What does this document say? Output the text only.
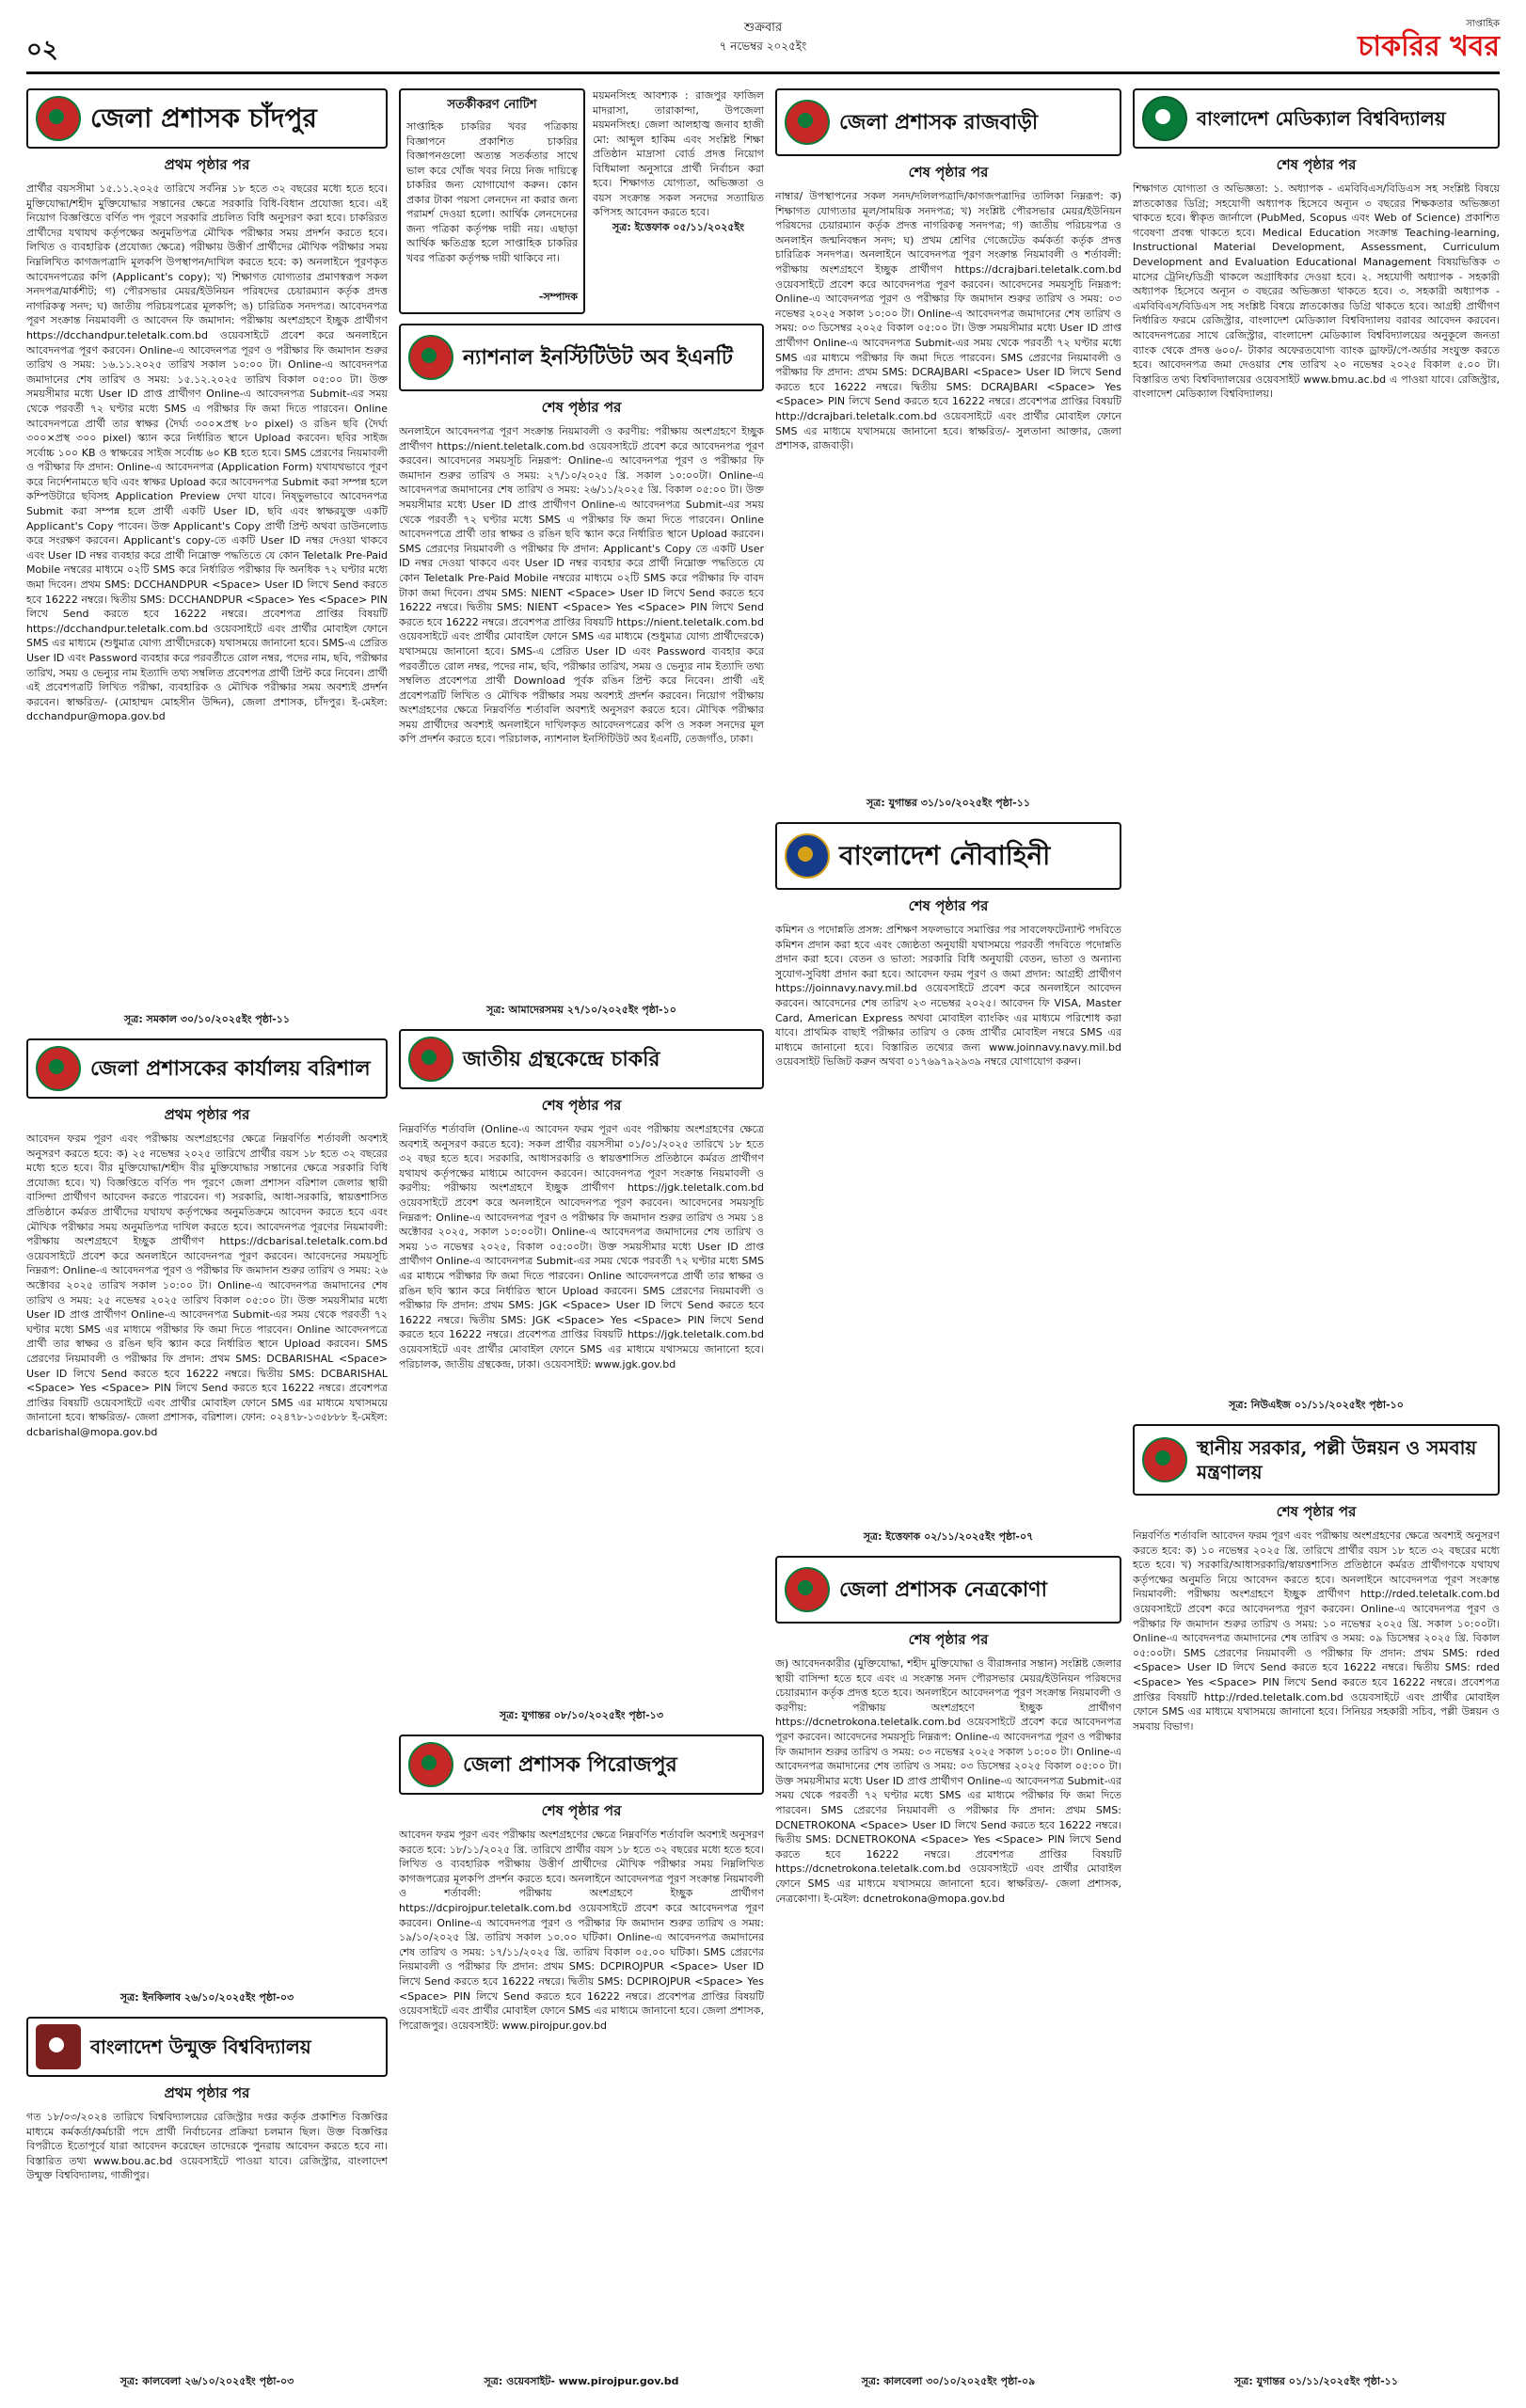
০২
শুক্রবার
৭ নভেম্বর ২০২৫ইং
সাপ্তাহিক
চাকরির খবর
জেলা প্রশাসক চাঁদপুর
প্রথম পৃষ্ঠার পর
প্রার্থীর বয়সসীমা ১৫.১১.২০২৫ তারিখে সর্বনিম্ন ১৮ হতে ৩২ বছরের মধ্যে হতে হবে। মুক্তিযোদ্ধা/শহীদ মুক্তিযোদ্ধার সন্তানের ক্ষেত্রে সরকারি বিধি-বিধান প্রযোজ্য হবে। এই নিয়োগ বিজ্ঞপ্তিতে বর্ণিত পদ পূরণে সরকারি প্রচলিত বিধি অনুসরণ করা হবে। চাকরিরত প্রার্থীদের যথাযথ কর্তৃপক্ষের অনুমতিপত্র মৌখিক পরীক্ষার সময় প্রদর্শন করতে হবে। লিখিত ও ব্যবহারিক (প্রযোজ্য ক্ষেত্রে) পরীক্ষায় উত্তীর্ণ প্রার্থীদের মৌখিক পরীক্ষার সময় নিম্নলিখিত কাগজপত্রাদি মূলকপি উপস্থাপন/দাখিল করতে হবে: ক) অনলাইনে পূরণকৃত আবেদনপত্রের কপি (Applicant's copy); খ) শিক্ষাগত যোগ্যতার প্রমাণস্বরূপ সকল সনদপত্র/মার্কশীট; গ) পৌরসভার মেয়র/ইউনিয়ন পরিষদের চেয়ারম্যান কর্তৃক প্রদত্ত নাগরিকত্ব সনদ; ঘ) জাতীয় পরিচয়পত্রের মূলকপি; ঙ) চারিত্রিক সনদপত্র। আবেদনপত্র পূরণ সংক্রান্ত নিয়মাবলী ও আবেদন ফি জমাদান: পরীক্ষায় অংশগ্রহণে ইচ্ছুক প্রার্থীগণ https://dcchandpur.teletalk.com.bd ওয়েবসাইটে প্রবেশ করে অনলাইনে আবেদনপত্র পূরণ করবেন। Online-এ আবেদনপত্র পূরণ ও পরীক্ষার ফি জমাদান শুরুর তারিখ ও সময়: ১৬.১১.২০২৫ তারিখ সকাল ১০:০০ টা। Online-এ আবেদনপত্র জমাদানের শেষ তারিখ ও সময়: ১৫.১২.২০২৫ তারিখ বিকাল ০৫:০০ টা। উক্ত সময়সীমার মধ্যে User ID প্রাপ্ত প্রার্থীগণ Online-এ আবেদনপত্র Submit-এর সময় থেকে পরবর্তী ৭২ ঘণ্টার মধ্যে SMS এ পরীক্ষার ফি জমা দিতে পারবেন। Online আবেদনপত্রে প্রার্থী তার স্বাক্ষর (দৈর্ঘ্য ৩০০×প্রস্থ ৮০ pixel) ও রঙিন ছবি (দৈর্ঘ্য ৩০০×প্রস্থ ৩০০ pixel) স্ক্যান করে নির্ধারিত স্থানে Upload করবেন। ছবির সাইজ সর্বোচ্চ ১০০ KB ও স্বাক্ষরের সাইজ সর্বোচ্চ ৬০ KB হতে হবে। SMS প্রেরণের নিয়মাবলী ও পরীক্ষার ফি প্রদান: Online-এ আবেদনপত্র (Application Form) যথাযথভাবে পূরণ করে নির্দেশনামতে ছবি এবং স্বাক্ষর Upload করে আবেদনপত্র Submit করা সম্পন্ন হলে কম্পিউটারে ছবিসহ Application Preview দেখা যাবে। নিষ্ভুলভাবে আবেদনপত্র Submit করা সম্পন্ন হলে প্রার্থী একটি User ID, ছবি এবং স্বাক্ষরযুক্ত একটি Applicant's Copy পাবেন। উক্ত Applicant's Copy প্রার্থী প্রিন্ট অথবা ডাউনলোড করে সংরক্ষণ করবেন। Applicant's copy-তে একটি User ID নম্বর দেওয়া থাকবে এবং User ID নম্বর ব্যবহার করে প্রার্থী নিম্নোক্ত পদ্ধতিতে যে কোন Teletalk Pre-Paid Mobile নম্বরের মাধ্যমে ০২টি SMS করে নির্ধারিত পরীক্ষার ফি অনধিক ৭২ ঘণ্টার মধ্যে জমা দিবেন। প্রথম SMS: DCCHANDPUR <Space> User ID লিখে Send করতে হবে 16222 নম্বরে। দ্বিতীয় SMS: DCCHANDPUR <Space> Yes <Space> PIN লিখে Send করতে হবে 16222 নম্বরে। প্রবেশপত্র প্রাপ্তির বিষয়টি https://dcchandpur.teletalk.com.bd ওয়েবসাইটে এবং প্রার্থীর মোবাইল ফোনে SMS এর মাধ্যমে (শুধুমাত্র যোগ্য প্রার্থীদেরকে) যথাসময়ে জানানো হবে। SMS-এ প্রেরিত User ID এবং Password ব্যবহার করে পরবর্তীতে রোল নম্বর, পদের নাম, ছবি, পরীক্ষার তারিখ, সময় ও ভেন্যুর নাম ইত্যাদি তথ্য সম্বলিত প্রবেশপত্র প্রার্থী প্রিন্ট করে নিবেন। প্রার্থী এই প্রবেশপত্রটি লিখিত পরীক্ষা, ব্যবহারিক ও মৌখিক পরীক্ষার সময় অবশ্যই প্রদর্শন করবেন। স্বাক্ষরিত/- (মোহাম্মদ মোহসীন উদ্দিন), জেলা প্রশাসক, চাঁদপুর। ই-মেইল: dcchandpur@mopa.gov.bd
সূত্র: সমকাল ৩০/১০/২০২৫ইং পৃষ্ঠা-১১
জেলা প্রশাসকের কার্যালয় বরিশাল
প্রথম পৃষ্ঠার পর
আবেদন ফরম পূরণ এবং পরীক্ষায় অংশগ্রহণের ক্ষেত্রে নিম্নবর্ণিত শর্তাবলী অবশ্যই অনুসরণ করতে হবে: ক) ২৫ নভেম্বর ২০২৫ তারিখে প্রার্থীর বয়স ১৮ হতে ৩২ বছরের মধ্যে হতে হবে। বীর মুক্তিযোদ্ধা/শহীদ বীর মুক্তিযোদ্ধার সন্তানের ক্ষেত্রে সরকারি বিধি প্রযোজ্য হবে। খ) বিজ্ঞপ্তিতে বর্ণিত পদ পূরণে জেলা প্রশাসন বরিশাল জেলার স্থায়ী বাসিন্দা প্রার্থীগণ আবেদন করতে পারবেন। গ) সরকারি, আধা-সরকারি, স্বায়ত্তশাসিত প্রতিষ্ঠানে কর্মরত প্রার্থীদের যথাযথ কর্তৃপক্ষের অনুমতিক্রমে আবেদন করতে হবে এবং মৌখিক পরীক্ষার সময় অনুমতিপত্র দাখিল করতে হবে। আবেদনপত্র পূরণের নিয়মাবলী: পরীক্ষায় অংশগ্রহণে ইচ্ছুক প্রার্থীগণ https://dcbarisal.teletalk.com.bd ওয়েবসাইটে প্রবেশ করে অনলাইনে আবেদনপত্র পূরণ করবেন। আবেদনের সময়সূচি নিম্নরূপ: Online-এ আবেদনপত্র পূরণ ও পরীক্ষার ফি জমাদান শুরুর তারিখ ও সময়: ২৬ অক্টোবর ২০২৫ তারিখ সকাল ১০:০০ টা। Online-এ আবেদনপত্র জমাদানের শেষ তারিখ ও সময়: ২৫ নভেম্বর ২০২৫ তারিখ বিকাল ০৫:০০ টা। উক্ত সময়সীমার মধ্যে User ID প্রাপ্ত প্রার্থীগণ Online-এ আবেদনপত্র Submit-এর সময় থেকে পরবর্তী ৭২ ঘণ্টার মধ্যে SMS এর মাধ্যমে পরীক্ষার ফি জমা দিতে পারবেন। Online আবেদনপত্রে প্রার্থী তার স্বাক্ষর ও রঙিন ছবি স্ক্যান করে নির্ধারিত স্থানে Upload করবেন। SMS প্রেরণের নিয়মাবলী ও পরীক্ষার ফি প্রদান: প্রথম SMS: DCBARISHAL <Space> User ID লিখে Send করতে হবে 16222 নম্বরে। দ্বিতীয় SMS: DCBARISHAL <Space> Yes <Space> PIN লিখে Send করতে হবে 16222 নম্বরে। প্রবেশপত্র প্রাপ্তির বিষয়টি ওয়েবসাইটে এবং প্রার্থীর মোবাইল ফোনে SMS এর মাধ্যমে যথাসময়ে জানানো হবে। স্বাক্ষরিত/- জেলা প্রশাসক, বরিশাল। ফোন: ০২৪৭৮-১৩৫৮৮৮ ই-মেইল: dcbarishal@mopa.gov.bd
সূত্র: ইনকিলাব ২৬/১০/২০২৫ইং পৃষ্ঠা-০৩
বাংলাদেশ উন্মুক্ত বিশ্ববিদ্যালয়
প্রথম পৃষ্ঠার পর
গত ১৮/০৩/২০২৪ তারিখে বিশ্ববিদ্যালয়ের রেজিস্ট্রার দপ্তর কর্তৃক প্রকাশিত বিজ্ঞপ্তির মাধ্যমে কর্মকর্তা/কর্মচারী পদে প্রার্থী নির্বাচনের প্রক্রিয়া চলমান ছিল। উক্ত বিজ্ঞপ্তির বিপরীতে ইতোপূর্বে যারা আবেদন করেছেন তাদেরকে পুনরায় আবেদন করতে হবে না। বিস্তারিত তথ্য www.bou.ac.bd ওয়েবসাইটে পাওয়া যাবে। রেজিস্ট্রার, বাংলাদেশ উন্মুক্ত বিশ্ববিদ্যালয়, গাজীপুর।
সূত্র: কালবেলা ২৬/১০/২০২৫ইং পৃষ্ঠা-০৩
সতর্কীকরণ নোটিশ
সাপ্তাহিক চাকরির খবর পত্রিকায় বিজ্ঞাপনে প্রকাশিত চাকরির বিজ্ঞাপনগুলো অত্যন্ত সতর্কতার সাথে ভাল করে খোঁজ খবর নিয়ে নিজ দায়িত্বে চাকরির জন্য যোগাযোগ করুন। কোন প্রকার টাকা পয়সা লেনদেন না করার জন্য পরামর্শ দেওয়া হলো। আর্থিক লেনদেনের জন্য পত্রিকা কর্তৃপক্ষ দায়ী নয়। এছাড়া আর্থিক ক্ষতিগ্রস্ত হলে সাপ্তাহিক চাকরির খবর পত্রিকা কর্তৃপক্ষ দায়ী থাকিবে না।
-সম্পাদক
ময়মনসিংহ আবশ্যক : রাজপুর ফাজিল মাদরাসা, তারাকান্দা, উপজেলা ময়মনসিংহ। জেলা আলহাজ্ব জনাব হাজী মো: আব্দুল হাকিম এবং সংশ্লিষ্ট শিক্ষা প্রতিষ্ঠান মাদ্রাসা বোর্ড প্রদত্ত নিয়োগ বিধিমালা অনুসারে প্রার্থী নির্বাচন করা হবে। শিক্ষাগত যোগ্যতা, অভিজ্ঞতা ও বয়স সংক্রান্ত সকল সনদের সত্যায়িত কপিসহ আবেদন করতে হবে।
সূত্র: ইত্তেফাক ০৫/১১/২০২৫ইং
ন্যাশনাল ইনস্টিটিউট অব ইএনটি
শেষ পৃষ্ঠার পর
অনলাইনে আবেদনপত্র পূরণ সংক্রান্ত নিয়মাবলী ও করণীয়: পরীক্ষায় অংশগ্রহণে ইচ্ছুক প্রার্থীগণ https://nient.teletalk.com.bd ওয়েবসাইটে প্রবেশ করে আবেদনপত্র পূরণ করবেন। আবেদনের সময়সূচি নিম্নরূপ: Online-এ আবেদনপত্র পূরণ ও পরীক্ষার ফি জমাদান শুরুর তারিখ ও সময়: ২৭/১০/২০২৫ খ্রি. সকাল ১০:০০টা। Online-এ আবেদনপত্র জমাদানের শেষ তারিখ ও সময়: ২৬/১১/২০২৫ খ্রি. বিকাল ০৫:০০ টা। উক্ত সময়সীমার মধ্যে User ID প্রাপ্ত প্রার্থীগণ Online-এ আবেদনপত্র Submit-এর সময় থেকে পরবর্তী ৭২ ঘণ্টার মধ্যে SMS এ পরীক্ষার ফি জমা দিতে পারবেন। Online আবেদনপত্রে প্রার্থী তার স্বাক্ষর ও রঙিন ছবি স্ক্যান করে নির্ধারিত স্থানে Upload করবেন। SMS প্রেরণের নিয়মাবলী ও পরীক্ষার ফি প্রদান: Applicant's Copy তে একটি User ID নম্বর দেওয়া থাকবে এবং User ID নম্বর ব্যবহার করে প্রার্থী নিম্নোক্ত পদ্ধতিতে যে কোন Teletalk Pre-Paid Mobile নম্বরের মাধ্যমে ০২টি SMS করে পরীক্ষার ফি বাবদ টাকা জমা দিবেন। প্রথম SMS: NIENT <Space> User ID লিখে Send করতে হবে 16222 নম্বরে। দ্বিতীয় SMS: NIENT <Space> Yes <Space> PIN লিখে Send করতে হবে 16222 নম্বরে। প্রবেশপত্র প্রাপ্তির বিষয়টি https://nient.teletalk.com.bd ওয়েবসাইটে এবং প্রার্থীর মোবাইল ফোনে SMS এর মাধ্যমে (শুধুমাত্র যোগ্য প্রার্থীদেরকে) যথাসময়ে জানানো হবে। SMS-এ প্রেরিত User ID এবং Password ব্যবহার করে পরবর্তীতে রোল নম্বর, পদের নাম, ছবি, পরীক্ষার তারিখ, সময় ও ভেন্যুর নাম ইত্যাদি তথ্য সম্বলিত প্রবেশপত্র প্রার্থী Download পূর্বক রঙিন প্রিন্ট করে নিবেন। প্রার্থী এই প্রবেশপত্রটি লিখিত ও মৌখিক পরীক্ষার সময় অবশ্যই প্রদর্শন করবেন। নিয়োগ পরীক্ষায় অংশগ্রহণের ক্ষেত্রে নিম্নবর্ণিত শর্তাবলি অবশ্যই অনুসরণ করতে হবে। মৌখিক পরীক্ষার সময় প্রার্থীদের অবশ্যই অনলাইনে দাখিলকৃত আবেদনপত্রের কপি ও সকল সনদের মূল কপি প্রদর্শন করতে হবে। পরিচালক, ন্যাশনাল ইনস্টিটিউট অব ইএনটি, তেজগাঁও, ঢাকা।
সূত্র: আমাদেরসময় ২৭/১০/২০২৫ইং পৃষ্ঠা-১০
জাতীয় গ্রন্থকেন্দ্রে চাকরি
শেষ পৃষ্ঠার পর
নিম্নবর্ণিত শর্তাবলি (Online-এ আবেদন ফরম পূরণ এবং পরীক্ষায় অংশগ্রহণের ক্ষেত্রে অবশ্যই অনুসরণ করতে হবে): সকল প্রার্থীর বয়সসীমা ০১/০১/২০২৫ তারিখে ১৮ হতে ৩২ বছর হতে হবে। সরকারি, আধাসরকারি ও স্বায়ত্তশাসিত প্রতিষ্ঠানে কর্মরত প্রার্থীগণ যথাযথ কর্তৃপক্ষের মাধ্যমে আবেদন করবেন। আবেদনপত্র পূরণ সংক্রান্ত নিয়মাবলী ও করণীয়: পরীক্ষায় অংশগ্রহণে ইচ্ছুক প্রার্থীগণ https://jgk.teletalk.com.bd ওয়েবসাইটে প্রবেশ করে অনলাইনে আবেদনপত্র পূরণ করবেন। আবেদনের সময়সূচি নিম্নরূপ: Online-এ আবেদনপত্র পূরণ ও পরীক্ষার ফি জমাদান শুরুর তারিখ ও সময় ১৪ অক্টোবর ২০২৫, সকাল ১০:০০টা। Online-এ আবেদনপত্র জমাদানের শেষ তারিখ ও সময় ১৩ নভেম্বর ২০২৫, বিকাল ০৫:০০টা। উক্ত সময়সীমার মধ্যে User ID প্রাপ্ত প্রার্থীগণ Online-এ আবেদনপত্র Submit-এর সময় থেকে পরবর্তী ৭২ ঘণ্টার মধ্যে SMS এর মাধ্যমে পরীক্ষার ফি জমা দিতে পারবেন। Online আবেদনপত্রে প্রার্থী তার স্বাক্ষর ও রঙিন ছবি স্ক্যান করে নির্ধারিত স্থানে Upload করবেন। SMS প্রেরণের নিয়মাবলী ও পরীক্ষার ফি প্রদান: প্রথম SMS: JGK <Space> User ID লিখে Send করতে হবে 16222 নম্বরে। দ্বিতীয় SMS: JGK <Space> Yes <Space> PIN লিখে Send করতে হবে 16222 নম্বরে। প্রবেশপত্র প্রাপ্তির বিষয়টি https://jgk.teletalk.com.bd ওয়েবসাইটে এবং প্রার্থীর মোবাইল ফোনে SMS এর মাধ্যমে যথাসময়ে জানানো হবে। পরিচালক, জাতীয় গ্রন্থকেন্দ্র, ঢাকা। ওয়েবসাইট: www.jgk.gov.bd
সূত্র: যুগান্তর ০৮/১০/২০২৫ইং পৃষ্ঠা-১৩
জেলা প্রশাসক পিরোজপুর
শেষ পৃষ্ঠার পর
আবেদন ফরম পূরণ এবং পরীক্ষায় অংশগ্রহণের ক্ষেত্রে নিম্নবর্ণিত শর্তাবলি অবশ্যই অনুসরণ করতে হবে: ১৮/১১/২০২৫ খ্রি. তারিখে প্রার্থীর বয়স ১৮ হতে ৩২ বছরের মধ্যে হতে হবে। লিখিত ও ব্যবহারিক পরীক্ষায় উত্তীর্ণ প্রার্থীদের মৌখিক পরীক্ষার সময় নিম্নলিখিত কাগজপত্রের মূলকপি প্রদর্শন করতে হবে। অনলাইনে আবেদনপত্র পূরণ সংক্রান্ত নিয়মাবলী ও শর্তাবলী: পরীক্ষায় অংশগ্রহণে ইচ্ছুক প্রার্থীগণ https://dcpirojpur.teletalk.com.bd ওয়েবসাইটে প্রবেশ করে আবেদনপত্র পূরণ করবেন। Online-এ আবেদনপত্র পূরণ ও পরীক্ষার ফি জমাদান শুরুর তারিখ ও সময়: ১৯/১০/২০২৫ খ্রি. তারিখ সকাল ১০.০০ ঘটিকা। Online-এ আবেদনপত্র জমাদানের শেষ তারিখ ও সময়: ১৭/১১/২০২৫ খ্রি. তারিখ বিকাল ০৫.০০ ঘটিকা। SMS প্রেরণের নিয়মাবলী ও পরীক্ষার ফি প্রদান: প্রথম SMS: DCPIROJPUR <Space> User ID লিখে Send করতে হবে 16222 নম্বরে। দ্বিতীয় SMS: DCPIROJPUR <Space> Yes <Space> PIN লিখে Send করতে হবে 16222 নম্বরে। প্রবেশপত্র প্রাপ্তির বিষয়টি ওয়েবসাইটে এবং প্রার্থীর মোবাইল ফোনে SMS এর মাধ্যমে জানানো হবে। জেলা প্রশাসক, পিরোজপুর। ওয়েবসাইট: www.pirojpur.gov.bd
সূত্র: ওয়েবসাইট- www.pirojpur.gov.bd
জেলা প্রশাসক রাজবাড়ী
শেষ পৃষ্ঠার পর
নাম্বার/ উপস্থাপনের সকল সনদ/দলিলপত্রাদি/কাগজপত্রাদির তালিকা নিম্নরূপ: ক) শিক্ষাগত যোগ্যতার মূল/সাময়িক সনদপত্র; খ) সংশ্লিষ্ট পৌরসভার মেয়র/ইউনিয়ন পরিষদের চেয়ারম্যান কর্তৃক প্রদত্ত নাগরিকত্ব সনদপত্র; গ) জাতীয় পরিচয়পত্র ও অনলাইন জন্মনিবন্ধন সনদ; ঘ) প্রথম শ্রেণির গেজেটেড কর্মকর্তা কর্তৃক প্রদত্ত চারিত্রিক সনদপত্র। অনলাইনে আবেদনপত্র পূরণ সংক্রান্ত নিয়মাবলী ও শর্তাবলী: পরীক্ষায় অংশগ্রহণে ইচ্ছুক প্রার্থীগণ https://dcrajbari.teletalk.com.bd ওয়েবসাইটে প্রবেশ করে আবেদনপত্র পূরণ করবেন। আবেদনের সময়সূচি নিম্নরূপ: Online-এ আবেদনপত্র পূরণ ও পরীক্ষার ফি জমাদান শুরুর তারিখ ও সময়: ০৩ নভেম্বর ২০২৫ সকাল ১০:০০ টা। Online-এ আবেদনপত্র জমাদানের শেষ তারিখ ও সময়: ০৩ ডিসেম্বর ২০২৫ বিকাল ০৫:০০ টা। উক্ত সময়সীমার মধ্যে User ID প্রাপ্ত প্রার্থীগণ Online-এ আবেদনপত্র Submit-এর সময় থেকে পরবর্তী ৭২ ঘণ্টার মধ্যে SMS এর মাধ্যমে পরীক্ষার ফি জমা দিতে পারবেন। SMS প্রেরণের নিয়মাবলী ও পরীক্ষার ফি প্রদান: প্রথম SMS: DCRAJBARI <Space> User ID লিখে Send করতে হবে 16222 নম্বরে। দ্বিতীয় SMS: DCRAJBARI <Space> Yes <Space> PIN লিখে Send করতে হবে 16222 নম্বরে। প্রবেশপত্র প্রাপ্তির বিষয়টি http://dcrajbari.teletalk.com.bd ওয়েবসাইটে এবং প্রার্থীর মোবাইল ফোনে SMS এর মাধ্যমে যথাসময়ে জানানো হবে। স্বাক্ষরিত/- সুলতানা আক্তার, জেলা প্রশাসক, রাজবাড়ী।
সূত্র: যুগান্তর ৩১/১০/২০২৫ইং পৃষ্ঠা-১১
বাংলাদেশ নৌবাহিনী
শেষ পৃষ্ঠার পর
কমিশন ও পদোন্নতি প্রসঙ্গ: প্রশিক্ষণ সফলভাবে সমাপ্তির পর সাবলেফটেন্যান্ট পদবিতে কমিশন প্রদান করা হবে এবং জ্যেষ্ঠতা অনুযায়ী যথাসময়ে পরবর্তী পদবিতে পদোন্নতি প্রদান করা হবে। বেতন ও ভাতা: সরকারি বিধি অনুযায়ী বেতন, ভাতা ও অন্যান্য সুযোগ-সুবিধা প্রদান করা হবে। আবেদন ফরম পূরণ ও জমা প্রদান: আগ্রহী প্রার্থীগণ https://joinnavy.navy.mil.bd ওয়েবসাইটে প্রবেশ করে অনলাইনে আবেদন করবেন। আবেদনের শেষ তারিখ ২৩ নভেম্বর ২০২৫। আবেদন ফি VISA, Master Card, American Express অথবা মোবাইল ব্যাংকিং এর মাধ্যমে পরিশোধ করা যাবে। প্রাথমিক বাছাই পরীক্ষার তারিখ ও কেন্দ্র প্রার্থীর মোবাইল নম্বরে SMS এর মাধ্যমে জানানো হবে। বিস্তারিত তথ্যের জন্য www.joinnavy.navy.mil.bd ওয়েবসাইট ভিজিট করুন অথবা ০১৭৬৯৭৯২৯৩৯ নম্বরে যোগাযোগ করুন।
সূত্র: ইত্তেফাক ০২/১১/২০২৫ইং পৃষ্ঠা-০৭
জেলা প্রশাসক নেত্রকোণা
শেষ পৃষ্ঠার পর
জ) আবেদনকারীর (মুক্তিযোদ্ধা, শহীদ মুক্তিযোদ্ধা ও বীরাঙ্গনার সন্তান) সংশ্লিষ্ট জেলার স্থায়ী বাসিন্দা হতে হবে এবং এ সংক্রান্ত সনদ পৌরসভার মেয়র/ইউনিয়ন পরিষদের চেয়ারম্যান কর্তৃক প্রদত্ত হতে হবে। অনলাইনে আবেদনপত্র পূরণ সংক্রান্ত নিয়মাবলী ও করণীয়: পরীক্ষায় অংশগ্রহণে ইচ্ছুক প্রার্থীগণ https://dcnetrokona.teletalk.com.bd ওয়েবসাইটে প্রবেশ করে আবেদনপত্র পূরণ করবেন। আবেদনের সময়সূচি নিম্নরূপ: Online-এ আবেদনপত্র পূরণ ও পরীক্ষার ফি জমাদান শুরুর তারিখ ও সময়: ০৩ নভেম্বর ২০২৫ সকাল ১০:০০ টা। Online-এ আবেদনপত্র জমাদানের শেষ তারিখ ও সময়: ০৩ ডিসেম্বর ২০২৫ বিকাল ০৫:০০ টা। উক্ত সময়সীমার মধ্যে User ID প্রাপ্ত প্রার্থীগণ Online-এ আবেদনপত্র Submit-এর সময় থেকে পরবর্তী ৭২ ঘণ্টার মধ্যে SMS এর মাধ্যমে পরীক্ষার ফি জমা দিতে পারবেন। SMS প্রেরণের নিয়মাবলী ও পরীক্ষার ফি প্রদান: প্রথম SMS: DCNETROKONA <Space> User ID লিখে Send করতে হবে 16222 নম্বরে। দ্বিতীয় SMS: DCNETROKONA <Space> Yes <Space> PIN লিখে Send করতে হবে 16222 নম্বরে। প্রবেশপত্র প্রাপ্তির বিষয়টি https://dcnetrokona.teletalk.com.bd ওয়েবসাইটে এবং প্রার্থীর মোবাইল ফোনে SMS এর মাধ্যমে যথাসময়ে জানানো হবে। স্বাক্ষরিত/- জেলা প্রশাসক, নেত্রকোণা। ই-মেইল: dcnetrokona@mopa.gov.bd
সূত্র: কালবেলা ৩০/১০/২০২৫ইং পৃষ্ঠা-০৯
বাংলাদেশ মেডিক্যাল বিশ্ববিদ্যালয়
শেষ পৃষ্ঠার পর
শিক্ষাগত যোগ্যতা ও অভিজ্ঞতা: ১. অধ্যাপক - এমবিবিএস/বিডিএস সহ সংশ্লিষ্ট বিষয়ে স্নাতকোত্তর ডিগ্রি; সহযোগী অধ্যাপক হিসেবে অন্যূন ৩ বছরের শিক্ষকতার অভিজ্ঞতা থাকতে হবে। স্বীকৃত জার্নালে (PubMed, Scopus এবং Web of Science) প্রকাশিত গবেষণা প্রবন্ধ থাকতে হবে। Medical Education সংক্রান্ত Teaching-learning, Instructional Material Development, Assessment, Curriculum Development and Evaluation Educational Management বিষয়ভিত্তিক ৩ মাসের ট্রেনিং/ডিগ্রী থাকলে অগ্রাধিকার দেওয়া হবে। ২. সহযোগী অধ্যাপক - সহকারী অধ্যাপক হিসেবে অন্যূন ৩ বছরের অভিজ্ঞতা থাকতে হবে। ৩. সহকারী অধ্যাপক - এমবিবিএস/বিডিএস সহ সংশ্লিষ্ট বিষয়ে স্নাতকোত্তর ডিগ্রি থাকতে হবে। আগ্রহী প্রার্থীগণ নির্ধারিত ফরমে রেজিস্ট্রার, বাংলাদেশ মেডিক্যাল বিশ্ববিদ্যালয় বরাবর আবেদন করবেন। আবেদনপত্রের সাথে রেজিস্ট্রার, বাংলাদেশ মেডিক্যাল বিশ্ববিদ্যালয়ের অনুকূলে জনতা ব্যাংক থেকে প্রদত্ত ৬০০/- টাকার অফেরতযোগ্য ব্যাংক ড্রাফট/পে-অর্ডার সংযুক্ত করতে হবে। আবেদনপত্র জমা দেওয়ার শেষ তারিখ ২০ নভেম্বর ২০২৫ বিকাল ৫.০০ টা। বিস্তারিত তথ্য বিশ্ববিদ্যালয়ের ওয়েবসাইট www.bmu.ac.bd এ পাওয়া যাবে। রেজিস্ট্রার, বাংলাদেশ মেডিক্যাল বিশ্ববিদ্যালয়।
সূত্র: নিউএইজ ০১/১১/২০২৫ইং পৃষ্ঠা-১০
স্থানীয় সরকার, পল্লী উন্নয়ন ও সমবায় মন্ত্রণালয়
শেষ পৃষ্ঠার পর
নিম্নবর্ণিত শর্তাবলি আবেদন ফরম পূরণ এবং পরীক্ষায় অংশগ্রহণের ক্ষেত্রে অবশ্যই অনুসরণ করতে হবে: ক) ১০ নভেম্বর ২০২৫ খ্রি. তারিখে প্রার্থীর বয়স ১৮ হতে ৩২ বছরের মধ্যে হতে হবে। খ) সরকারি/আধাসরকারি/স্বায়ত্তশাসিত প্রতিষ্ঠানে কর্মরত প্রার্থীগণকে যথাযথ কর্তৃপক্ষের অনুমতি নিয়ে আবেদন করতে হবে। অনলাইনে আবেদনপত্র পূরণ সংক্রান্ত নিয়মাবলী: পরীক্ষায় অংশগ্রহণে ইচ্ছুক প্রার্থীগণ http://rded.teletalk.com.bd ওয়েবসাইটে প্রবেশ করে আবেদনপত্র পূরণ করবেন। Online-এ আবেদনপত্র পূরণ ও পরীক্ষার ফি জমাদান শুরুর তারিখ ও সময়: ১০ নভেম্বর ২০২৫ খ্রি. সকাল ১০:০০টা। Online-এ আবেদনপত্র জমাদানের শেষ তারিখ ও সময়: ০৯ ডিসেম্বর ২০২৫ খ্রি. বিকাল ০৫:০০টা। SMS প্রেরণের নিয়মাবলী ও পরীক্ষার ফি প্রদান: প্রথম SMS: rded <Space> User ID লিখে Send করতে হবে 16222 নম্বরে। দ্বিতীয় SMS: rded <Space> Yes <Space> PIN লিখে Send করতে হবে 16222 নম্বরে। প্রবেশপত্র প্রাপ্তির বিষয়টি http://rded.teletalk.com.bd ওয়েবসাইটে এবং প্রার্থীর মোবাইল ফোনে SMS এর মাধ্যমে যথাসময়ে জানানো হবে। সিনিয়র সহকারী সচিব, পল্লী উন্নয়ন ও সমবায় বিভাগ।
সূত্র: যুগান্তর ০১/১১/২০২৫ইং পৃষ্ঠা-১১
